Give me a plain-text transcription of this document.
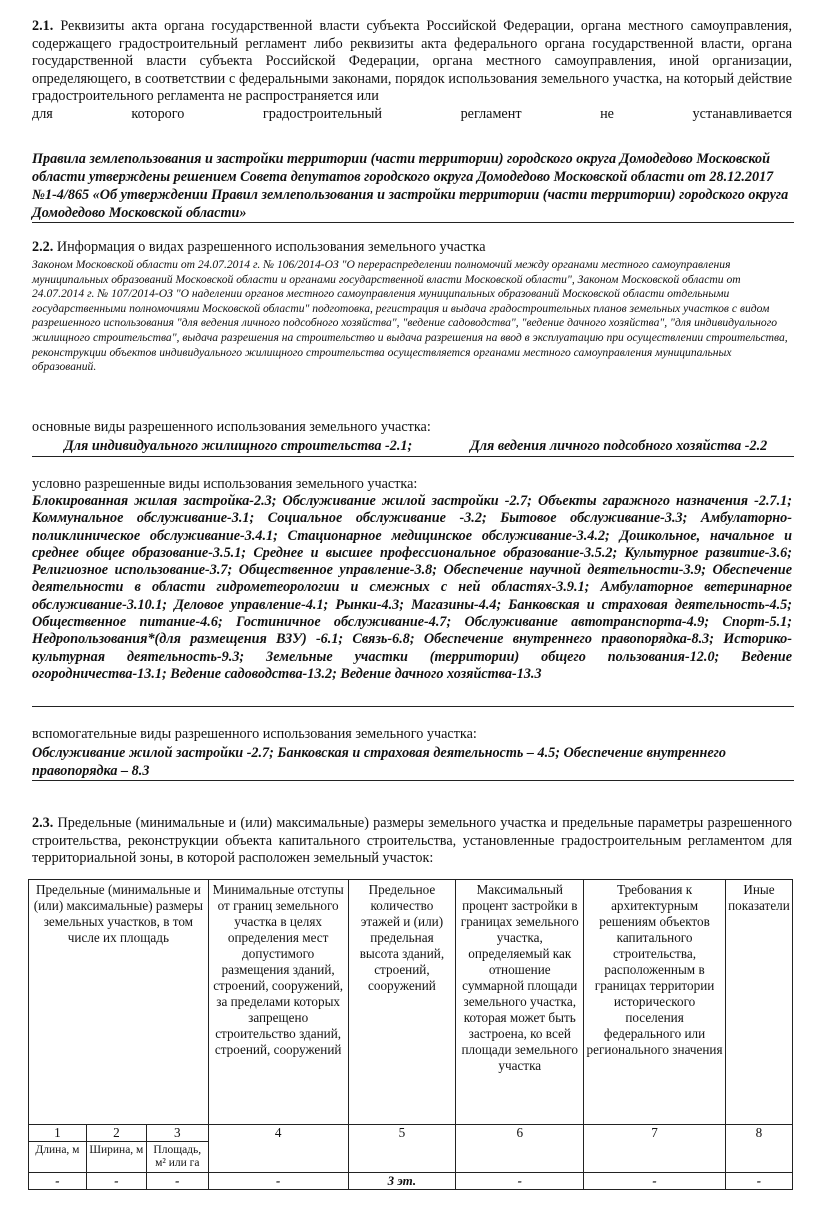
2.1. Реквизиты акта органа государственной власти субъекта Российской Федерации, органа местного самоуправления, содержащего градостроительный регламент либо реквизиты акта федерального органа государственной власти, органа государственной власти субъекта Российской Федерации, органа местного самоуправления, иной организации, определяющего, в соответствии с федеральными законами, порядок использования земельного участка, на который действие градостроительного регламента не распространяется или
для которого градостроительный регламент не устанавливается
Правила землепользования и застройки территории (части территории) городского округа Домодедово Московской области утверждены решением Совета депутатов городского округа Домодедово Московской области от 28.12.2017 №1-4/865 «Об утверждении Правил землепользования и застройки территории (части территории) городского округа Домодедово Московской области»
2.2. Информация о видах разрешенного использования земельного участка
Законом Московской области от 24.07.2014 г. № 106/2014-ОЗ "О перераспределении полномочий между органами местного самоуправления муниципальных образований Московской области и органами государственной власти Московской области", Законом Московской области от 24.07.2014 г. № 107/2014-ОЗ "О наделении органов местного самоуправления муниципальных образований Московской области отдельными государственными полномочиями Московской области" подготовка, регистрация и выдача градостроительных планов земельных участков с видом разрешенного использования "для ведения личного подсобного хозяйства", "ведение садоводства", "ведение дачного хозяйства", "для индивидуального жилищного строительства", выдача разрешения на строительство и выдача разрешения на ввод в эксплуатацию при осуществлении строительства, реконструкции объектов индивидуального жилищного строительства осуществляется органами местного самоуправления муниципальных образований.
основные виды разрешенного использования земельного участка:
Для индивидуального жилищного строительства -2.1;	Для ведения личного подсобного хозяйства -2.2
условно разрешенные виды использования земельного участка:
Блокированная жилая застройка-2.3; Обслуживание жилой застройки -2.7; Объекты гаражного назначения -2.7.1; Коммунальное обслуживание-3.1; Социальное обслуживание -3.2; Бытовое обслуживание-3.3; Амбулаторно-поликлиническое обслуживание-3.4.1; Стационарное медицинское обслуживание-3.4.2; Дошкольное, начальное и среднее общее образование-3.5.1; Среднее и высшее профессиональное образование-3.5.2; Культурное развитие-3.6; Религиозное использование-3.7; Общественное управление-3.8; Обеспечение научной деятельности-3.9; Обеспечение деятельности в области гидрометеорологии и смежных с ней областях-3.9.1; Амбулаторное ветеринарное обслуживание-3.10.1; Деловое управление-4.1; Рынки-4.3; Магазины-4.4; Банковская и страховая деятельность-4.5; Общественное питание-4.6; Гостиничное обслуживание-4.7; Обслуживание автотранспорта-4.9; Спорт-5.1; Недропользования*(для размещения ВЗУ) -6.1; Связь-6.8; Обеспечение внутреннего правопорядка-8.3; Историко-культурная деятельность-9.3; Земельные участки (территории) общего пользования-12.0; Ведение огородничества-13.1; Ведение садоводства-13.2; Ведение дачного хозяйства-13.3
вспомогательные виды разрешенного использования земельного участка:
Обслуживание жилой застройки -2.7; Банковская и страховая деятельность – 4.5; Обеспечение внутреннего правопорядка – 8.3
2.3. Предельные (минимальные и (или) максимальные) размеры земельного участка и предельные параметры разрешенного строительства, реконструкции объекта капитального строительства, установленные градостроительным регламентом для территориальной зоны, в которой расположен земельный участок:
Предельные (минимальные и (или) максимальные) размеры земельных участков, в том числе их площадь			Минимальные отступы от границ земельного участка в целях определения мест допустимого размещения зданий, строений, сооружений, за пределами которых запрещено строительство зданий, строений, сооружений	Предельное количество этажей и (или) предельная высота зданий, строений, сооружений	Максимальный процент застройки в границах земельного участка, определяемый как отношение суммарной площади земельного участка, которая может быть застроена, ко всей площади земельного участка	Требования к архитектурным решениям объектов капитального строительства, расположенным в границах территории исторического поселения федерального или регионального значения	Иные показатели
1	2	3	4	5	6	7	8
Длина, м	Ширина, м	Площадь, м² или га					
-	-	-	-	3 эт.	-	-	-
